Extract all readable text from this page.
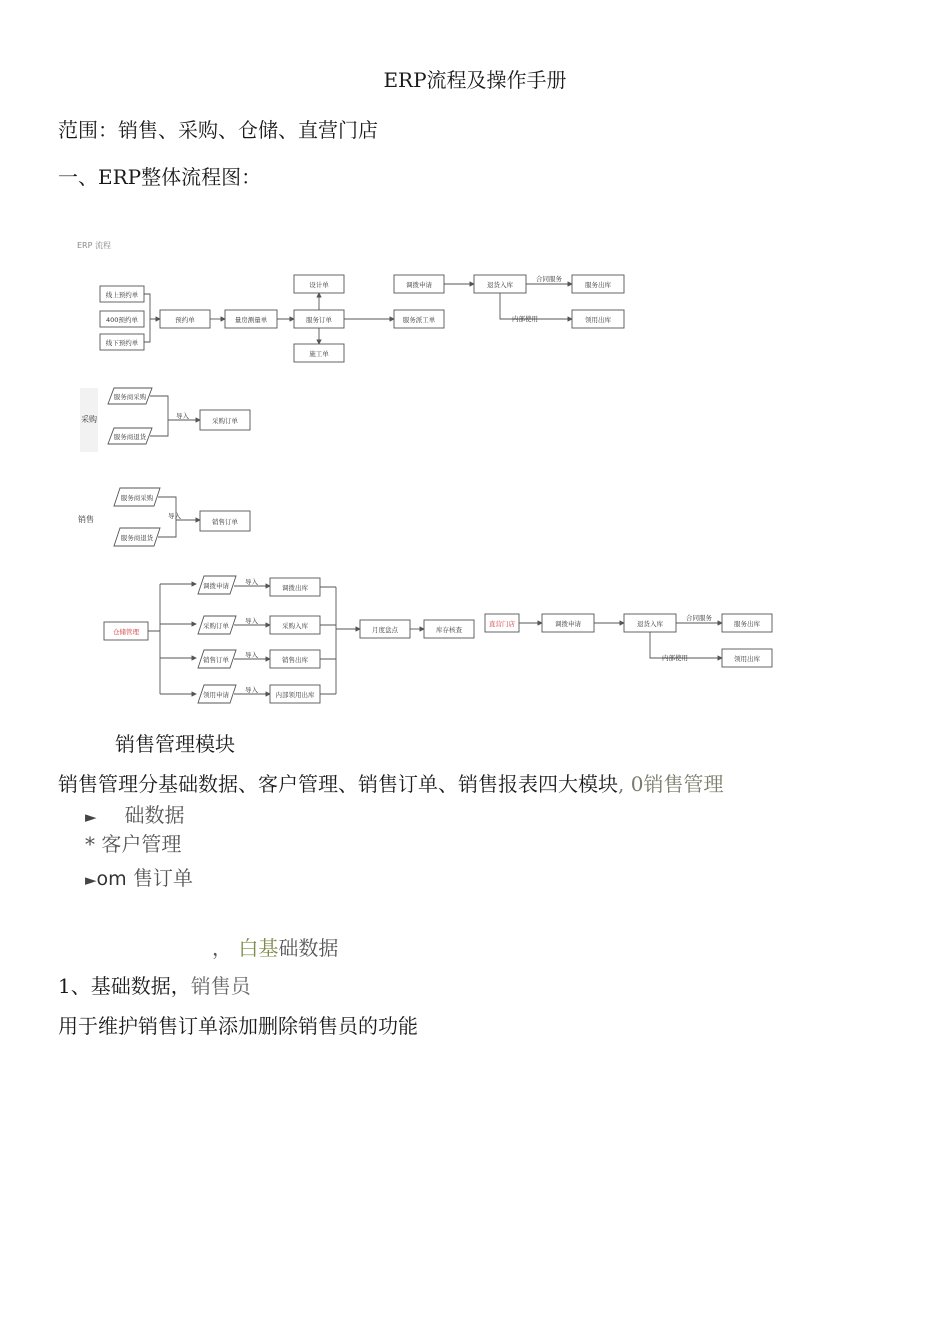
ERP流程及操作手册
范围：销售、采购、仓储、直营门店
一、ERP整体流程图：
ERP 流程
线上预约单
400预约单
线下预约单
预约单	量房测量单	服务订单
设计单
施工单
服务派工单
调拨申请	退货入库
合同服务
内部使用
服务出库
领用出库
采购
服务商采购
服务商退货
导入
采购订单
销售
服务商采购
服务商退货
导入
销售订单
仓储管理
调拨申请
采购订单
销售订单
领用申请
导入
导入
导入
导入
调拨出库
采购入库
销售出库
内部领用出库
月度盘点	库存核查
直营门店	调拨申请	退货入库
合同服务
内部使用
服务出库
领用出库
销售管理模块
销售管理分基础数据、客户管理、销售订单、销售报表四大模块, 0销售管理
► 础数据
* 客户管理
►om 售订单
， 白基础数据
1、基础数据，销售员
用于维护销售订单添加删除销售员的功能
